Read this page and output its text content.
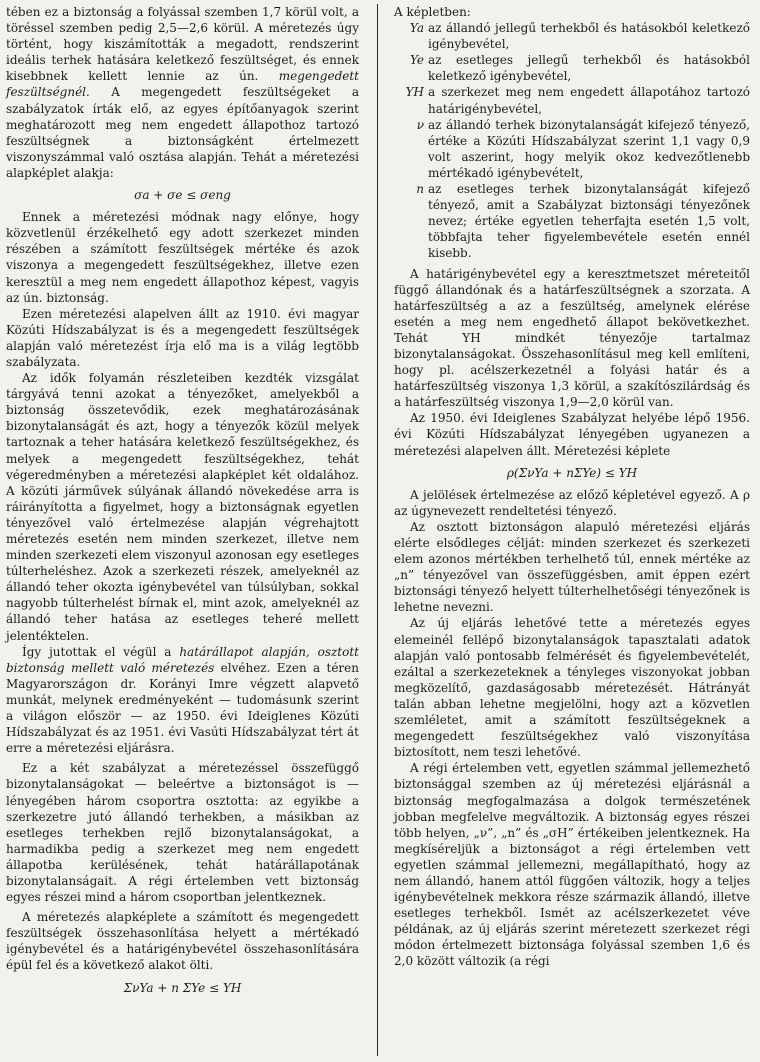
tében ez a biztonság a folyással szemben 1,7 körül volt, a töréssel szemben pedig 2,5—2,6 körül. A méretezés úgy történt, hogy kiszámították a megadott, rendszerint ideális terhek hatására keletkező feszültséget, és ennek kisebbnek kellett lennie az ún. megengedett feszültségnél. A megengedett feszültségeket a szabályzatok írták elő, az egyes építőanyagok szerint meghatározott meg nem engedett állapothoz tartozó feszültségnek a biztonságként értelmezett viszonyszámmal való osztása alapján. Tehát a méretezési alapképlet alakja:

σa + σe ≤ σeng

Ennek a méretezési módnak nagy előnye, hogy közvetlenül érzékelhető egy adott szerkezet minden részében a számított feszültségek mértéke és azok viszonya a megengedett feszültségekhez, illetve ezen keresztül a meg nem engedett állapothoz képest, vagyis az ún. biztonság.

Ezen méretezési alapelven állt az 1910. évi magyar Közúti Hídszabályzat is és a megengedett feszültségek alapján való méretezést írja elő ma is a világ legtöbb szabályzata.

Az idők folyamán részleteiben kezdték vizsgálat tárgyává tenni azokat a tényezőket, amelyekből a biztonság összetevődik, ezek meghatározásának bizonytalanságát és azt, hogy a tényezők közül melyek tartoznak a teher hatására keletkező feszültségekhez, és melyek a megengedett feszültségekhez, tehát végeredményben a méretezési alapképlet két oldalához. A közúti járművek súlyának állandó növekedése arra is ráirányította a figyelmet, hogy a biztonságnak egyetlen tényezővel való értelmezése alapján végrehajtott méretezés esetén nem minden szerkezet, illetve nem minden szerkezeti elem viszonyul azonosan egy esetleges túlterheléshez. Azok a szerkezeti részek, amelyeknél az állandó teher okozta igénybevétel van túlsúlyban, sokkal nagyobb túlterhelést bírnak el, mint azok, amelyeknél az állandó teher hatása az esetleges teheré mellett jelentéktelen.

Így jutottak el végül a határállapot alapján, osztott biztonság mellett való méretezés elvéhez. Ezen a téren Magyarországon dr. Korányi Imre végzett alapvető munkát, melynek eredményeként — tudomásunk szerint a világon először — az 1950. évi Ideiglenes Közúti Hídszabályzat és az 1951. évi Vasúti Hídszabályzat tért át erre a méretezési eljárásra.

Ez a két szabályzat a méretezéssel összefüggő bizonytalanságokat — beleértve a biztonságot is — lényegében három csoportra osztotta: az egyikbe a szerkezetre jutó állandó terhekben, a másikban az esetleges terhekben rejlő bizonytalanságokat, a harmadikba pedig a szerkezet meg nem engedett állapotba kerülésének, tehát határállapotának bizonytalanságait. A régi értelemben vett biztonság egyes részei mind a három csoportban jelentkeznek.

A méretezés alapképlete a számított és megengedett feszültségek összehasonlítása helyett a mértékadó igénybevétel és a határigénybevétel összehasonlítására épül fel és a következő alakot ölti.

ΣνYa + n ΣYe ≤ YH

A képletben:

Ya az állandó jellegű terhekből és hatásokból keletkező igénybevétel,
Ye az esetleges jellegű terhekből és hatásokból keletkező igénybevétel,
YH a szerkezet meg nem engedett állapotához tartozó határigénybevétel,
ν az állandó terhek bizonytalanságát kifejező tényező, értéke a Közúti Hídszabályzat szerint 1,1 vagy 0,9 volt aszerint, hogy melyik okoz kedvezőtlenebb mértékadó igénybevételt,
n az esetleges terhek bizonytalanságát kifejező tényező, amit a Szabályzat biztonsági tényezőnek nevez; értéke egyetlen teherfajta esetén 1,5 volt, többfajta teher figyelembevétele esetén ennél kisebb.

A határigénybevétel egy a keresztmetszet méreteitől függő állandónak és a határfeszültségnek a szorzata. A határfeszültség a az a feszültség, amelynek elérése esetén a meg nem engedhető állapot bekövetkezhet. Tehát YH mindkét tényezője tartalmaz bizonytalanságokat. Összehasonlításul meg kell említeni, hogy pl. acélszerkezetnél a folyási határ és a határfeszültség viszonya 1,3 körül, a szakítószilárdság és a határfeszültség viszonya 1,9—2,0 körül van.

Az 1950. évi Ideiglenes Szabályzat helyébe lépő 1956. évi Közúti Hídszabályzat lényegében ugyanezen a méretezési alapelven állt. Méretezési képlete

ρ(ΣνYa + nΣYe) ≤ YH

A jelölések értelmezése az előző képletével egyező. A ρ az úgynevezett rendeltetési tényező.

Az osztott biztonságon alapuló méretezési eljárás elérte elsődleges célját: minden szerkezet és szerkezeti elem azonos mértékben terhelhető túl, ennek mértéke az „n” tényezővel van összefüggésben, amit éppen ezért biztonsági tényező helyett túlterhelhetőségi tényezőnek is lehetne nevezni.

Az új eljárás lehetővé tette a méretezés egyes elemeinél fellépő bizonytalanságok tapasztalati adatok alapján való pontosabb felmérését és figyelembevételét, ezáltal a szerkezeteknek a tényleges viszonyokat jobban megközelítő, gazdaságosabb méretezését. Hátrányát talán abban lehetne megjelölni, hogy azt a közvetlen szemléletet, amit a számított feszültségeknek a megengedett feszültségekhez való viszonyítása biztosított, nem teszi lehetővé.

A régi értelemben vett, egyetlen számmal jellemezhető biztonsággal szemben az új méretezési eljárásnál a biztonság megfogalmazása a dolgok természetének jobban megfelelve megváltozik. A biztonság egyes részei több helyen, „ν”, „n” és „σH” értékeiben jelentkeznek. Ha megkíséreljük a biztonságot a régi értelemben vett egyetlen számmal jellemezni, megállapítható, hogy az nem állandó, hanem attól függően változik, hogy a teljes igénybevételnek mekkora része származik állandó, illetve esetleges terhekből. Ismét az acélszerkezetet véve példának, az új eljárás szerint méretezett szerkezet régi módon értelmezett biztonsága folyással szemben 1,6 és 2,0 között változik (a régi
